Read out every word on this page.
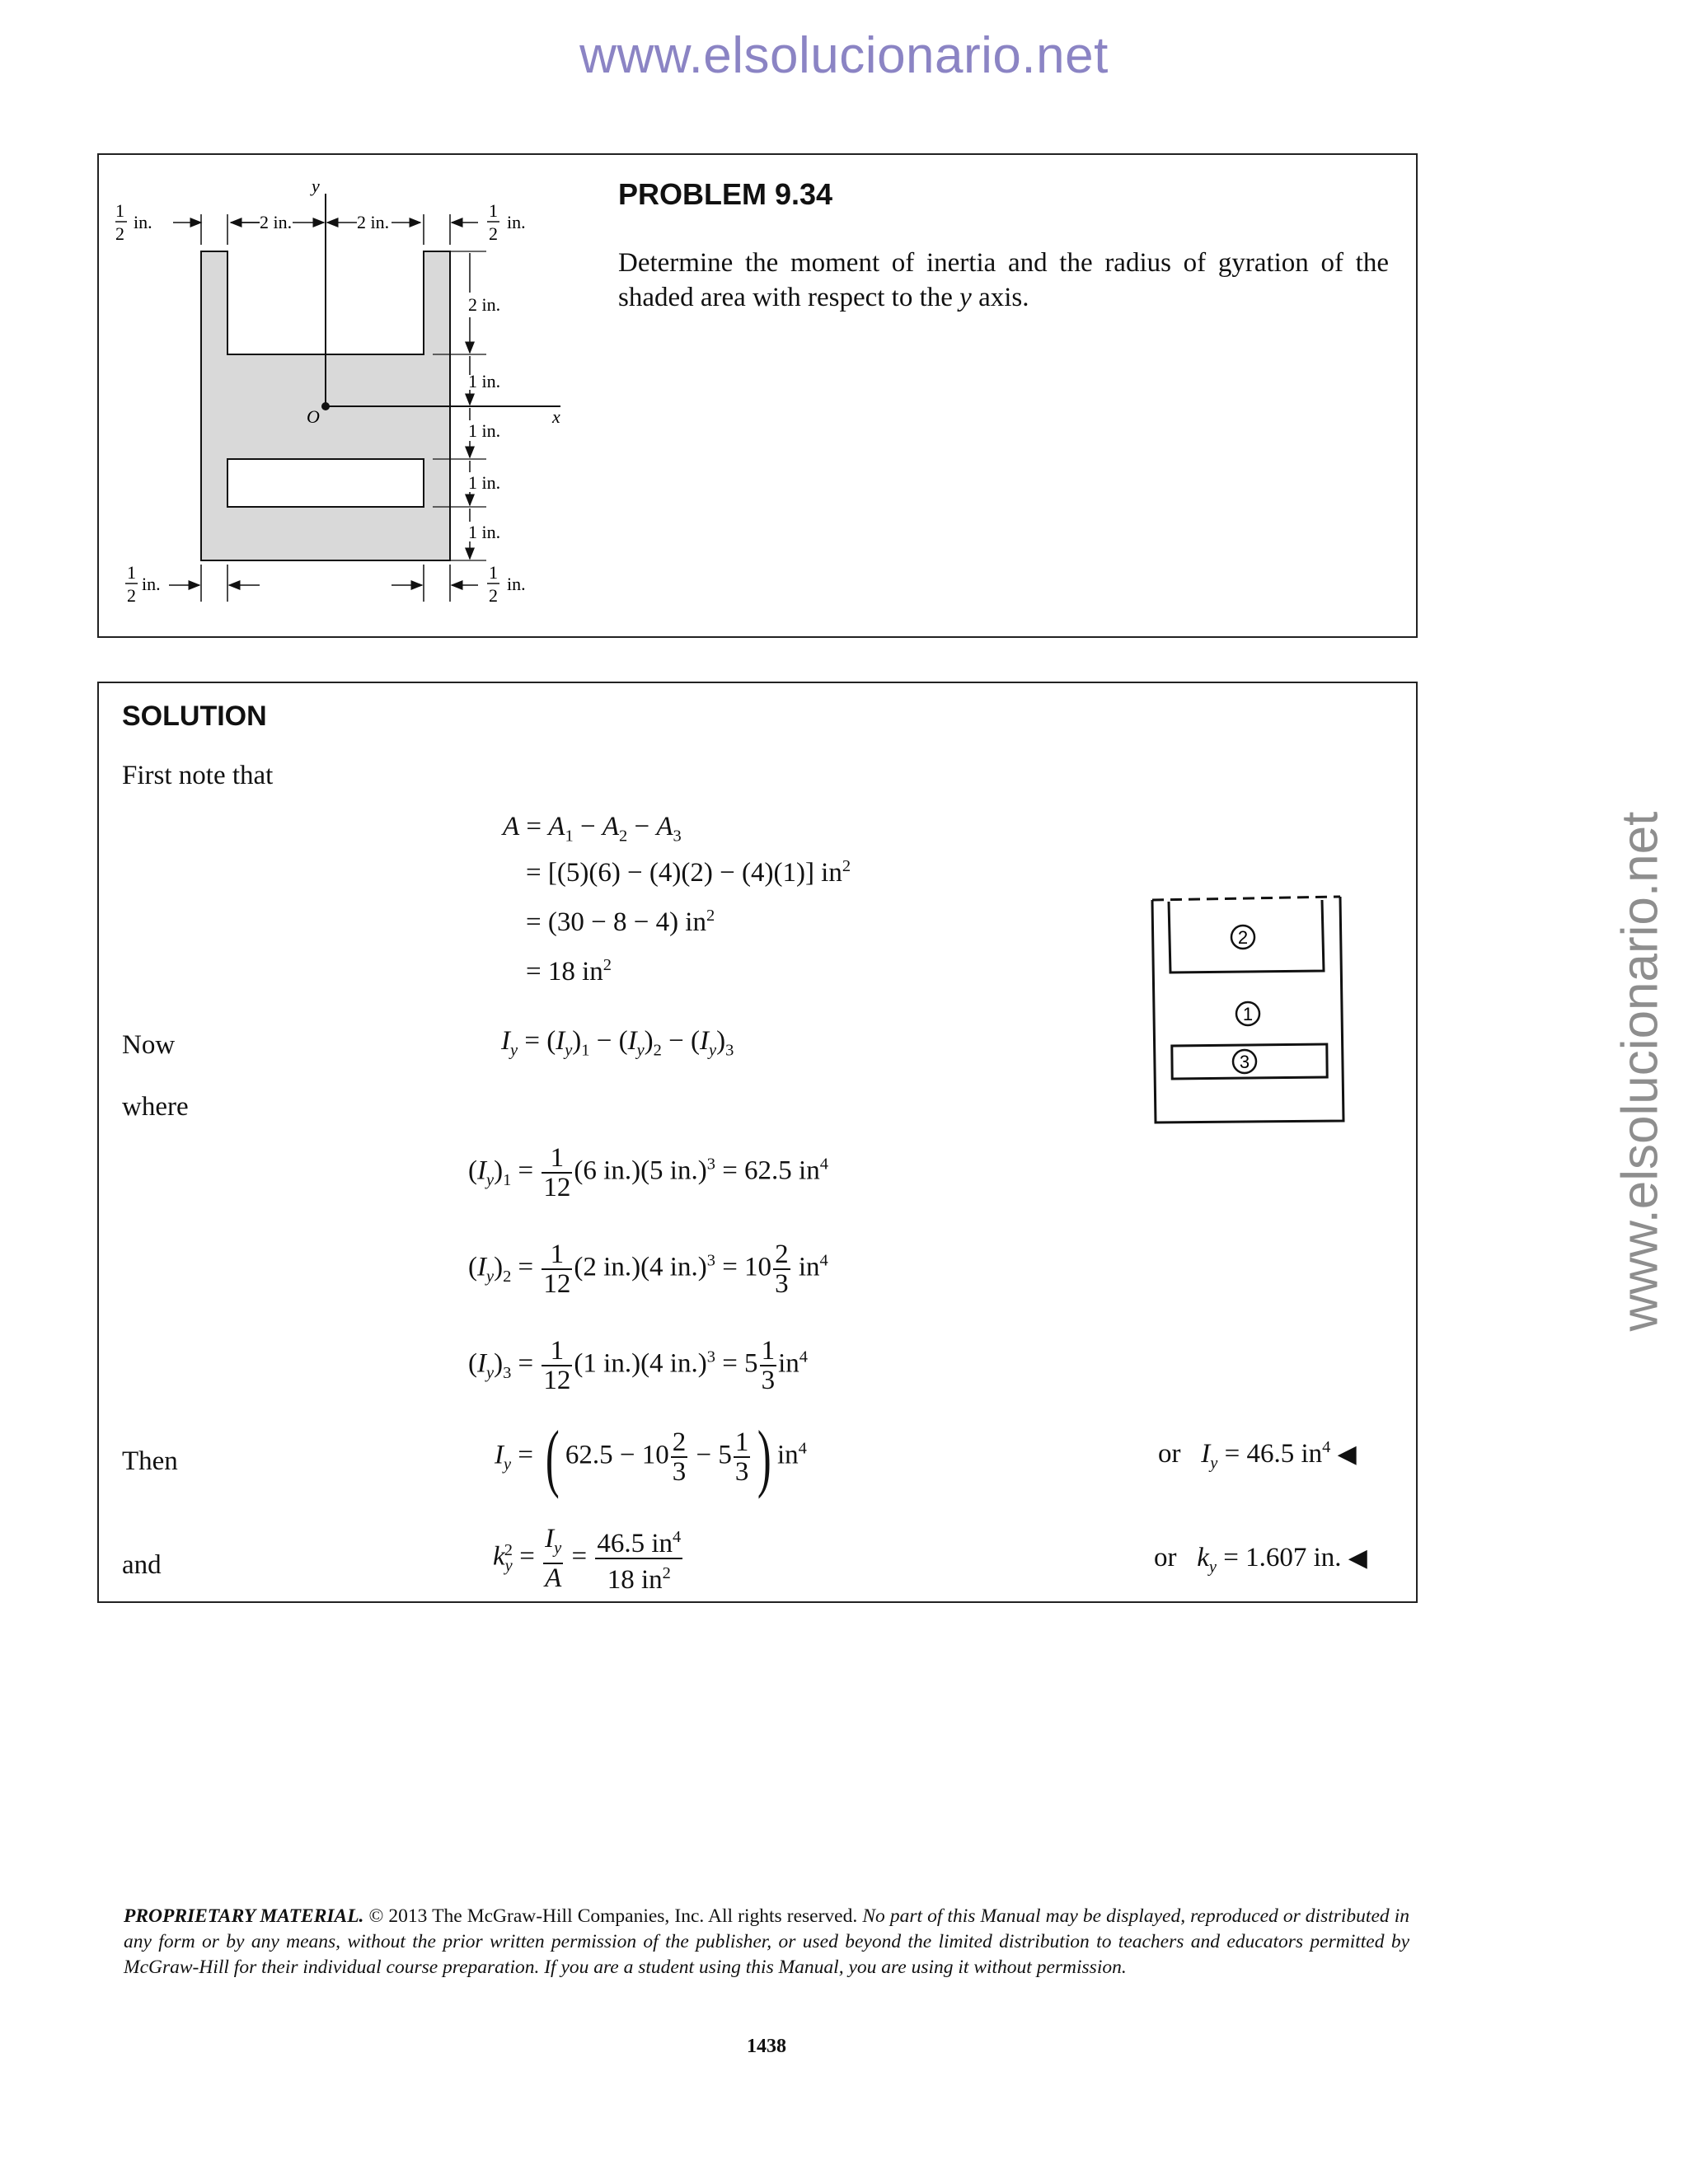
www.elsolucionario.net
www.elsolucionario.net
y
x
O
1
2
in.	2 in.	2 in.
1
2
in.
2 in.
1 in.
1 in.
1 in.
1 in.
1
2
in.
1
2
in.
PROBLEM 9.34
Determine the moment of inertia and the radius of gyration of the shaded area with respect to the y axis.
SOLUTION
First note that
$A = A_1 - A_2 - A_3$
= [(5)(6) − (4)(2) − (4)(1)] $in^2$
= (30 − 8 − 4) $in^2$
= 18 $in^2$
2
1
3
Now	$I_y = (I_y)_1 - (I_y)_2 - (I_y)_3$
where
$(I_y)_1 = \frac{1}{12} (6$ in.)(5 in.)$^3$ = 62.5 $in^4$
$(I_y)_2 = \frac{1}{12} (2$ in.)(4 $in.)^3 = 10 \frac{2}{3} in^4$
$(I_y)_3 = \frac{1}{12} (1$ in.)(4 $in.)^3 = 5 \frac{1}{3} in^4$
Then	$I_y$ = ( $62.5 - 10 \frac{2}{3} - 5 \frac{1}{3}$ ) $in^4$	or $I_y = 46.5$ $in^4$ ◀
and	$k_y^2 = \frac{I_y}{A} = \frac{46.5 in^4}{18 in^2}$	or $k_y = 1.607$ in. ◀
PROPRIETARY MATERIAL. © 2013 The McGraw-Hill Companies, Inc. All rights reserved. No part of this Manual may be displayed, reproduced or distributed in any form or by any means, without the prior written permission of the publisher, or used beyond the limited distribution to teachers and educators permitted by McGraw-Hill for their individual course preparation. If you are a student using this Manual, you are using it without permission.
1438
